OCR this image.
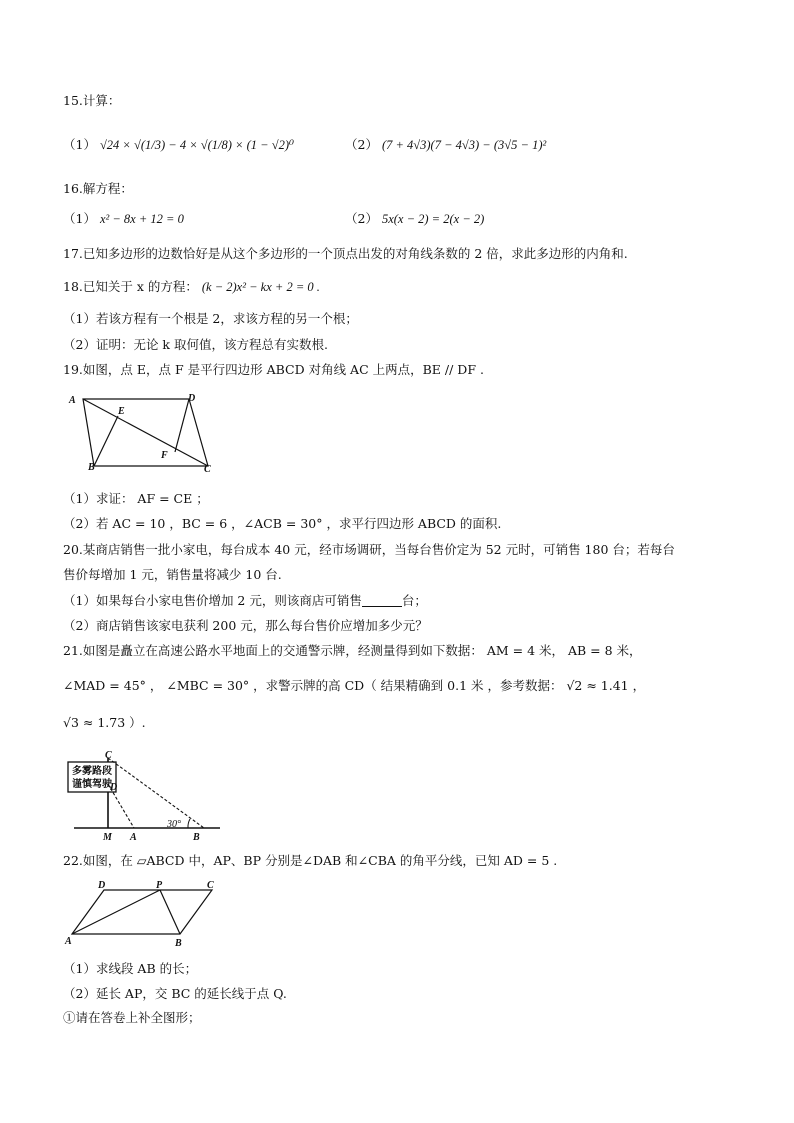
15.计算：
（1） √24 × √(1/3) − 4 × √(1/8) × (1 − √2)⁰	（2） (7 + 4√3)(7 − 4√3) − (3√5 − 1)²
16.解方程：
（1） x² − 8x + 12 = 0	（2） 5x(x − 2) = 2(x − 2)
17.已知多边形的边数恰好是从这个多边形的一个顶点出发的对角线条数的 2 倍，求此多边形的内角和.
18.已知关于 x 的方程： (k − 2)x² − kx + 2 = 0 .
（1）若该方程有一个根是 2，求该方程的另一个根；
（2）证明：无论 k 取何值，该方程总有实数根.
19.如图，点 E，点 F 是平行四边形 ABCD 对角线 AC 上两点，BE // DF .
A	D
E
F
B	C
（1）求证： AF = CE ；
（2）若 AC = 10 ，BC = 6 ，∠ACB = 30° ，求平行四边形 ABCD 的面积.
20.某商店销售一批小家电，每台成本 40 元，经市场调研，当每台售价定为 52 元时，可销售 180 台；若每台
售价每增加 1 元，销售量将减少 10 台.
（1）如果每台小家电售价增加 2 元，则该商店可销售	台；
（2）商店销售该家电获利 200 元，那么每台售价应增加多少元？
21.如图是矗立在高速公路水平地面上的交通警示牌，经测量得到如下数据： AM = 4 米， AB = 8 米，
∠MAD = 45° ， ∠MBC = 30° ，求警示牌的高 CD（ 结果精确到 0.1 米 ，参考数据： √2 ≈ 1.41 ，
√3 ≈ 1.73 ）.
多雾路段
谨慎驾驶
C
D
M A	B
30°
22.如图，在 ▱ABCD 中，AP、BP 分别是∠DAB 和∠CBA 的角平分线，已知 AD = 5 .
D	P	C
A	B
（1）求线段 AB 的长；
（2）延长 AP，交 BC 的延长线于点 Q.
①请在答卷上补全图形；
